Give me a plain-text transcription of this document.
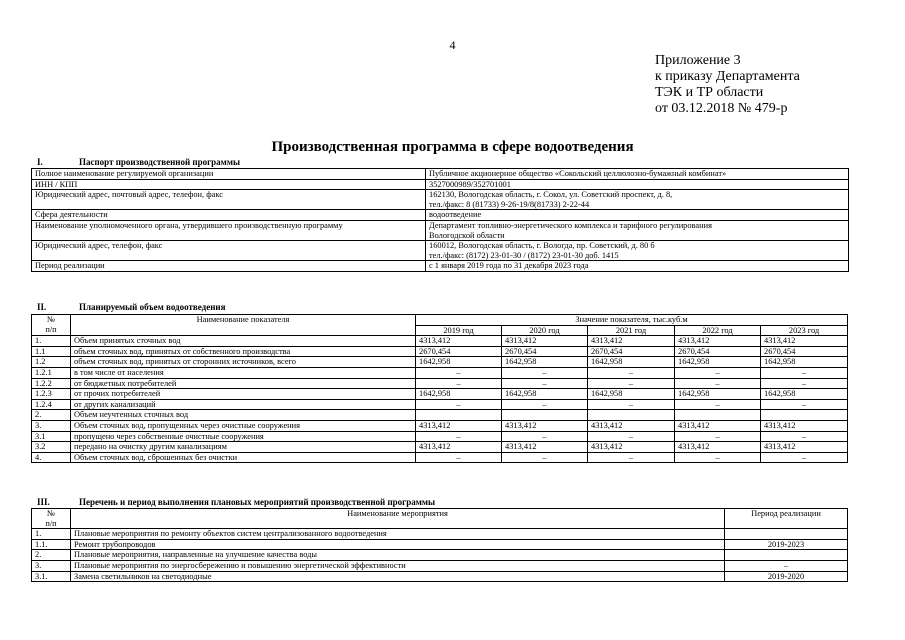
4
Приложение 3
к приказу Департамента
ТЭК и ТР области
от 03.12.2018 № 479-р
Производственная программа в сфере водоотведения
I.	Паспорт производственной программы
Полное наименование регулируемой организации	Публичное акционерное общество «Сокольский целлюлозно-бумажный комбинат»

ИНН / КПП	3527000989/352701001

Юридический адрес, почтовый адрес, телефон, факс	162130, Вологодская область, г. Сокол, ул. Советский проспект, д. 8,
тел./факс: 8 (81733) 9-26-19/8(81733) 2-22-44

Сфера деятельности	водоотведение

Наименование уполномоченного органа, утвердившего производственную программу	Департамент топливно-энергетического комплекса и тарифного регулирования
Вологодской области

Юридический адрес, телефон, факс	160012, Вологодская область, г. Вологда, пр. Советский, д. 80 б
тел./факс: (8172) 23-01-30 / (8172) 23-01-30 доб. 1415

Период реализации	с 1 января 2019 года по 31 декабря 2023 года
II.	Планируемый объем водоотведения
№
п/п	Наименование показателя	Значение показателя, тыс.куб.м				
		2019 год	2020 год	2021 год	2022 год	2023 год
1.	Объем принятых сточных вод	4313,412	4313,412	4313,412	4313,412	4313,412
1.1	объем сточных вод, принятых от собственного производства	2670,454	2670,454	2670,454	2670,454	2670,454
1.2	объем сточных вод, принятых от сторонних источников, всего	1642,958	1642,958	1642,958	1642,958	1642,958
1.2.1	в том числе от населения	–	–	–	–	–
1.2.2	от бюджетных потребителей	–	–	–	–	–
1.2.3	от прочих потребителей	1642,958	1642,958	1642,958	1642,958	1642,958
1.2.4	от других канализаций	–	–	–	–	–
2.	Объем неучтенных сточных вод					
3.	Объем сточных вод, пропущенных через очистные сооружения	4313,412	4313,412	4313,412	4313,412	4313,412
3.1	пропущено через собственные очистные сооружения	–	–	–	–	–
3.2	передано на очистку другим канализациям	4313,412	4313,412	4313,412	4313,412	4313,412
4.	Объем сточных вод, сброшенных без очистки	–	–	–	–	–
III.	Перечень и период выполнения плановых мероприятий производственной программы
№
п/п	Наименование мероприятия	Период реализации
1.	Плановые мероприятия по ремонту объектов систем централизованного водоотведения	
1.1.	Ремонт трубопроводов	2019-2023
2.	Плановые мероприятия, направленные на улучшение качества воды	
3.	Плановые мероприятия по энергосбережению и повышению энергетической эффективности	–
3.1.	Замена светильников на светодиодные	2019-2020
